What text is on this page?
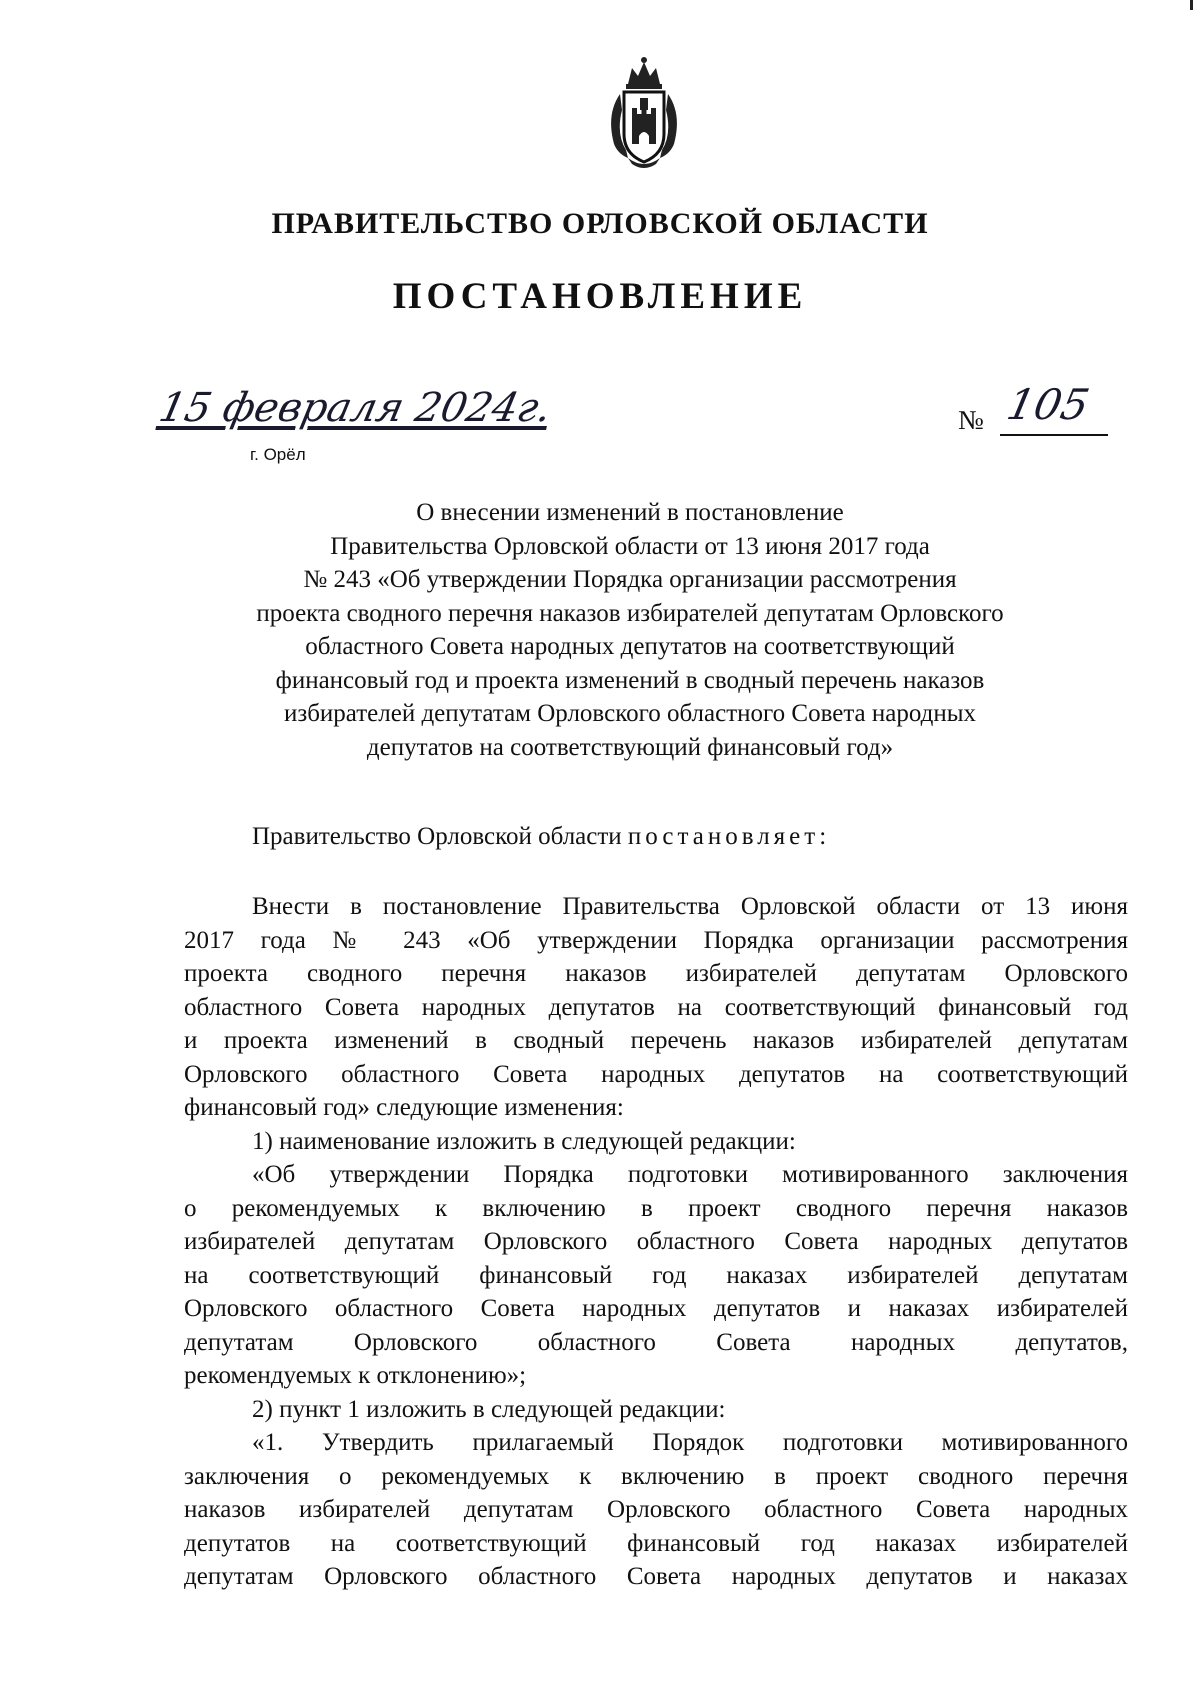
ПРАВИТЕЛЬСТВО ОРЛОВСКОЙ ОБЛАСТИ
ПОСТАНОВЛЕНИЕ
15 февраля 2024г.
г. Орёл
№ 105
О внесении изменений в постановление
Правительства Орловской области от 13 июня 2017 года
№ 243 «Об утверждении Порядка организации рассмотрения
проекта сводного перечня наказов избирателей депутатам Орловского
областного Совета народных депутатов на соответствующий
финансовый год и проекта изменений в сводный перечень наказов
избирателей депутатам Орловского областного Совета народных
депутатов на соответствующий финансовый год»
Правительство Орловской области постановляет:
Внести в постановление Правительства Орловской области от 13 июня
2017 года № 243 «Об утверждении Порядка организации рассмотрения
проекта сводного перечня наказов избирателей депутатам Орловского
областного Совета народных депутатов на соответствующий финансовый год
и проекта изменений в сводный перечень наказов избирателей депутатам
Орловского областного Совета народных депутатов на соответствующий
финансовый год» следующие изменения:
1) наименование изложить в следующей редакции:
«Об утверждении Порядка подготовки мотивированного заключения
о рекомендуемых к включению в проект сводного перечня наказов
избирателей депутатам Орловского областного Совета народных депутатов
на соответствующий финансовый год наказах избирателей депутатам
Орловского областного Совета народных депутатов и наказах избирателей
депутатам Орловского областного Совета народных депутатов,
рекомендуемых к отклонению»;
2) пункт 1 изложить в следующей редакции:
«1. Утвердить прилагаемый Порядок подготовки мотивированного
заключения о рекомендуемых к включению в проект сводного перечня
наказов избирателей депутатам Орловского областного Совета народных
депутатов на соответствующий финансовый год наказах избирателей
депутатам Орловского областного Совета народных депутатов и наказах
